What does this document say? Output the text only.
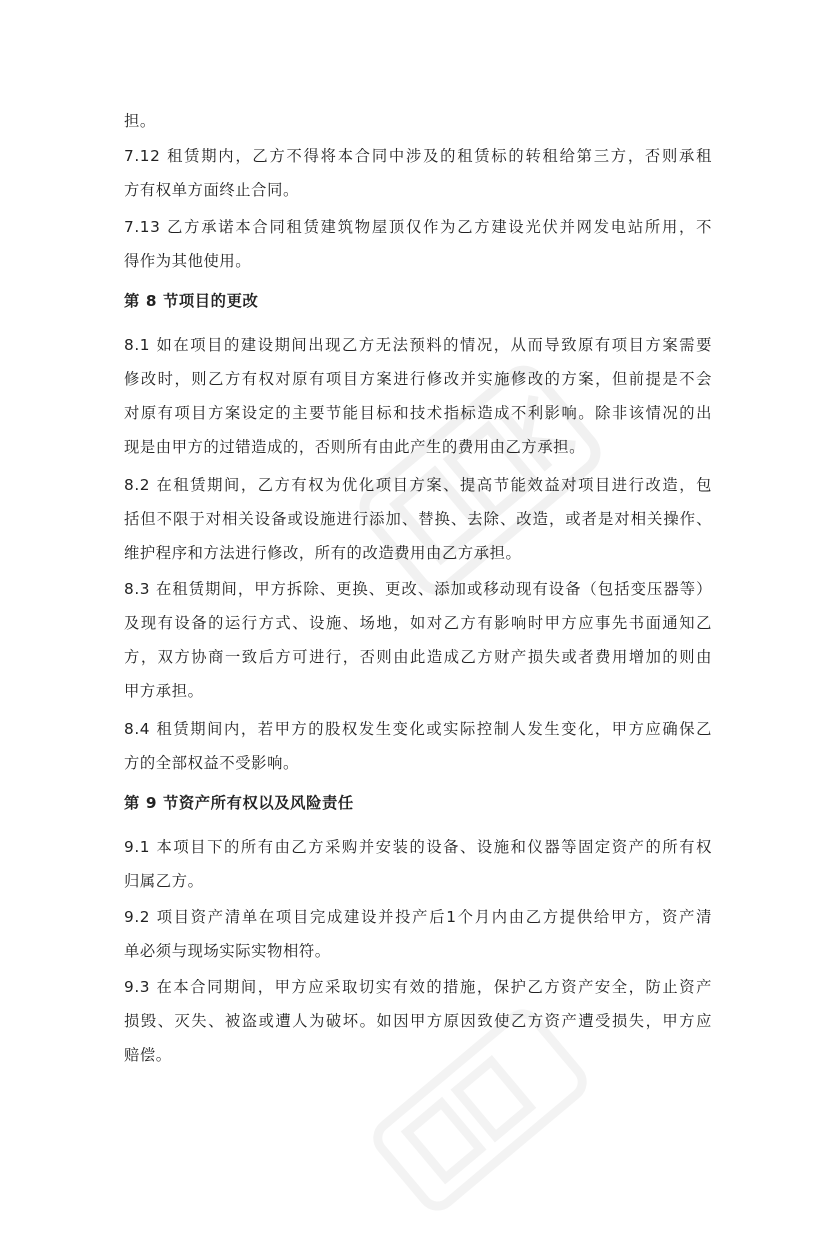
担。
7.12 租赁期内，乙方不得将本合同中涉及的租赁标的转租给第三方，否则承租
方有权单方面终止合同。
7.13 乙方承诺本合同租赁建筑物屋顶仅作为乙方建设光伏并网发电站所用，不
得作为其他使用。
第 8 节项目的更改
8.1 如在项目的建设期间出现乙方无法预料的情况，从而导致原有项目方案需要
修改时，则乙方有权对原有项目方案进行修改并实施修改的方案，但前提是不会
对原有项目方案设定的主要节能目标和技术指标造成不利影响。除非该情况的出
现是由甲方的过错造成的，否则所有由此产生的费用由乙方承担。
8.2 在租赁期间，乙方有权为优化项目方案、提高节能效益对项目进行改造，包
括但不限于对相关设备或设施进行添加、替换、去除、改造，或者是对相关操作、
维护程序和方法进行修改，所有的改造费用由乙方承担。
8.3 在租赁期间，甲方拆除、更换、更改、添加或移动现有设备（包括变压器等）
及现有设备的运行方式、设施、场地，如对乙方有影响时甲方应事先书面通知乙
方，双方协商一致后方可进行，否则由此造成乙方财产损失或者费用增加的则由
甲方承担。
8.4 租赁期间内，若甲方的股权发生变化或实际控制人发生变化，甲方应确保乙
方的全部权益不受影响。
第 9 节资产所有权以及风险责任
9.1 本项目下的所有由乙方采购并安装的设备、设施和仪器等固定资产的所有权
归属乙方。
9.2 项目资产清单在项目完成建设并投产后1个月内由乙方提供给甲方，资产清
单必须与现场实际实物相符。
9.3 在本合同期间，甲方应采取切实有效的措施，保护乙方资产安全，防止资产
损毁、灭失、被盗或遭人为破坏。如因甲方原因致使乙方资产遭受损失，甲方应
赔偿。
